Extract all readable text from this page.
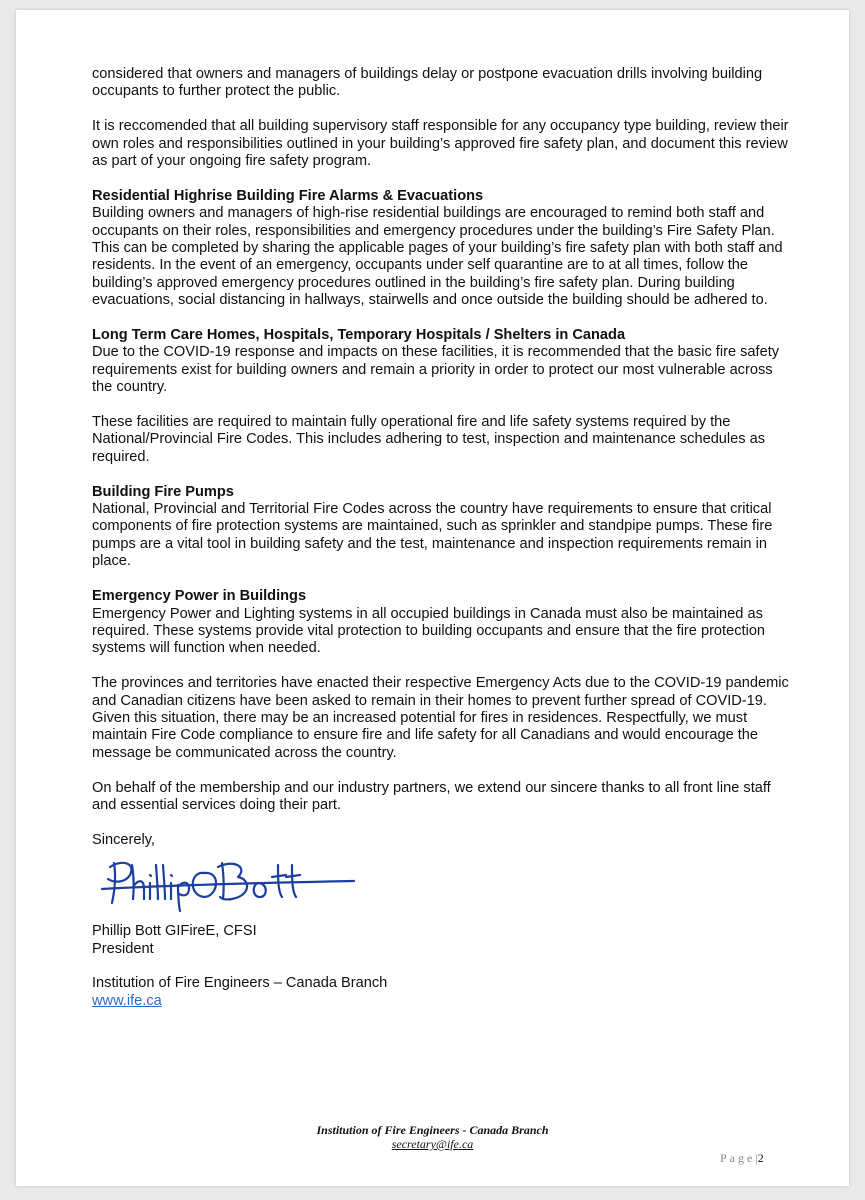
considered that owners and managers of buildings delay or postpone evacuation drills involving building occupants to further protect the public.

It is reccomended that all building supervisory staff responsible for any occupancy type building, review their own roles and responsibilities outlined in your building’s approved fire safety plan, and document this review as part of your ongoing fire safety program.

Residential Highrise Building Fire Alarms & Evacuations
Building owners and managers of high-rise residential buildings are encouraged to remind both staff and occupants on their roles, responsibilities and emergency procedures under the building’s Fire Safety Plan. This can be completed by sharing the applicable pages of your building’s fire safety plan with both staff and residents. In the event of an emergency, occupants under self quarantine are to at all times, follow the building’s approved emergency procedures outlined in the building’s fire safety plan. During building evacuations, social distancing in hallways, stairwells and once outside the building should be adhered to.

Long Term Care Homes, Hospitals, Temporary Hospitals / Shelters in Canada
Due to the COVID-19 response and impacts on these facilities, it is recommended that the basic fire safety requirements exist for building owners and remain a priority in order to protect our most vulnerable across the country.

These facilities are required to maintain fully operational fire and life safety systems required by the National/Provincial Fire Codes. This includes adhering to test, inspection and maintenance schedules as required.

Building Fire Pumps
National, Provincial and Territorial Fire Codes across the country have requirements to ensure that critical components of fire protection systems are maintained, such as sprinkler and standpipe pumps. These fire pumps are a vital tool in building safety and the test, maintenance and inspection requirements remain in place.

Emergency Power in Buildings
Emergency Power and Lighting systems in all occupied buildings in Canada must also be maintained as required. These systems provide vital protection to building occupants and ensure that the fire protection systems will function when needed.

The provinces and territories have enacted their respective Emergency Acts due to the COVID-19 pandemic and Canadian citizens have been asked to remain in their homes to prevent further spread of COVID-19. Given this situation, there may be an increased potential for fires in residences. Respectfully, we must maintain Fire Code compliance to ensure fire and life safety for all Canadians and would encourage the message be communicated across the country.

On behalf of the membership and our industry partners, we extend our sincere thanks to all front line staff and essential services doing their part.

Sincerely,
Phillip Bott GIFireE, CFSI
President
Institution of Fire Engineers – Canada Branch
www.ife.ca
Institution of Fire Engineers - Canada Branch
secretary@ife.ca
Page|2
